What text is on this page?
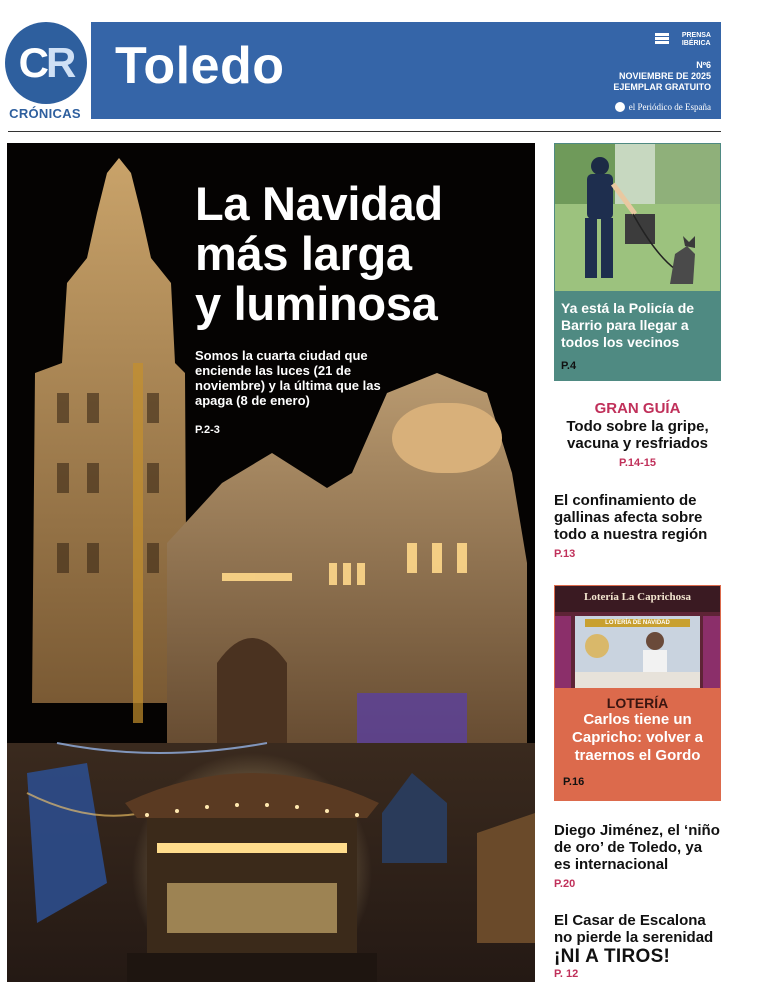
CR
CRÓNICAS
Toledo
PRENSA
IBÉRICA
Nº6
NOVIEMBRE DE 2025
EJEMPLAR GRATUITO
el Periódico de España
La Navidad
más larga
y luminosa
Somos la cuarta ciudad que enciende las luces (21 de noviembre) y la última que las apaga (8 de enero)
P.2-3
Ya está la Policía de Barrio para llegar a todos los vecinos
P.4
GRAN GUÍA
Todo sobre la gripe, vacuna y resfriados
P.14-15
El confinamiento de gallinas afecta sobre todo a nuestra región
P.13
Lotería La Caprichosa
LOTERÍA DE NAVIDAD
LOTERÍA
Carlos tiene un Capricho: volver a traernos el Gordo
P.16
Diego Jiménez, el ‘niño de oro’ de Toledo, ya es internacional
P.20
El Casar de Escalona no pierde la serenidad
¡NI A TIROS!
P. 12
